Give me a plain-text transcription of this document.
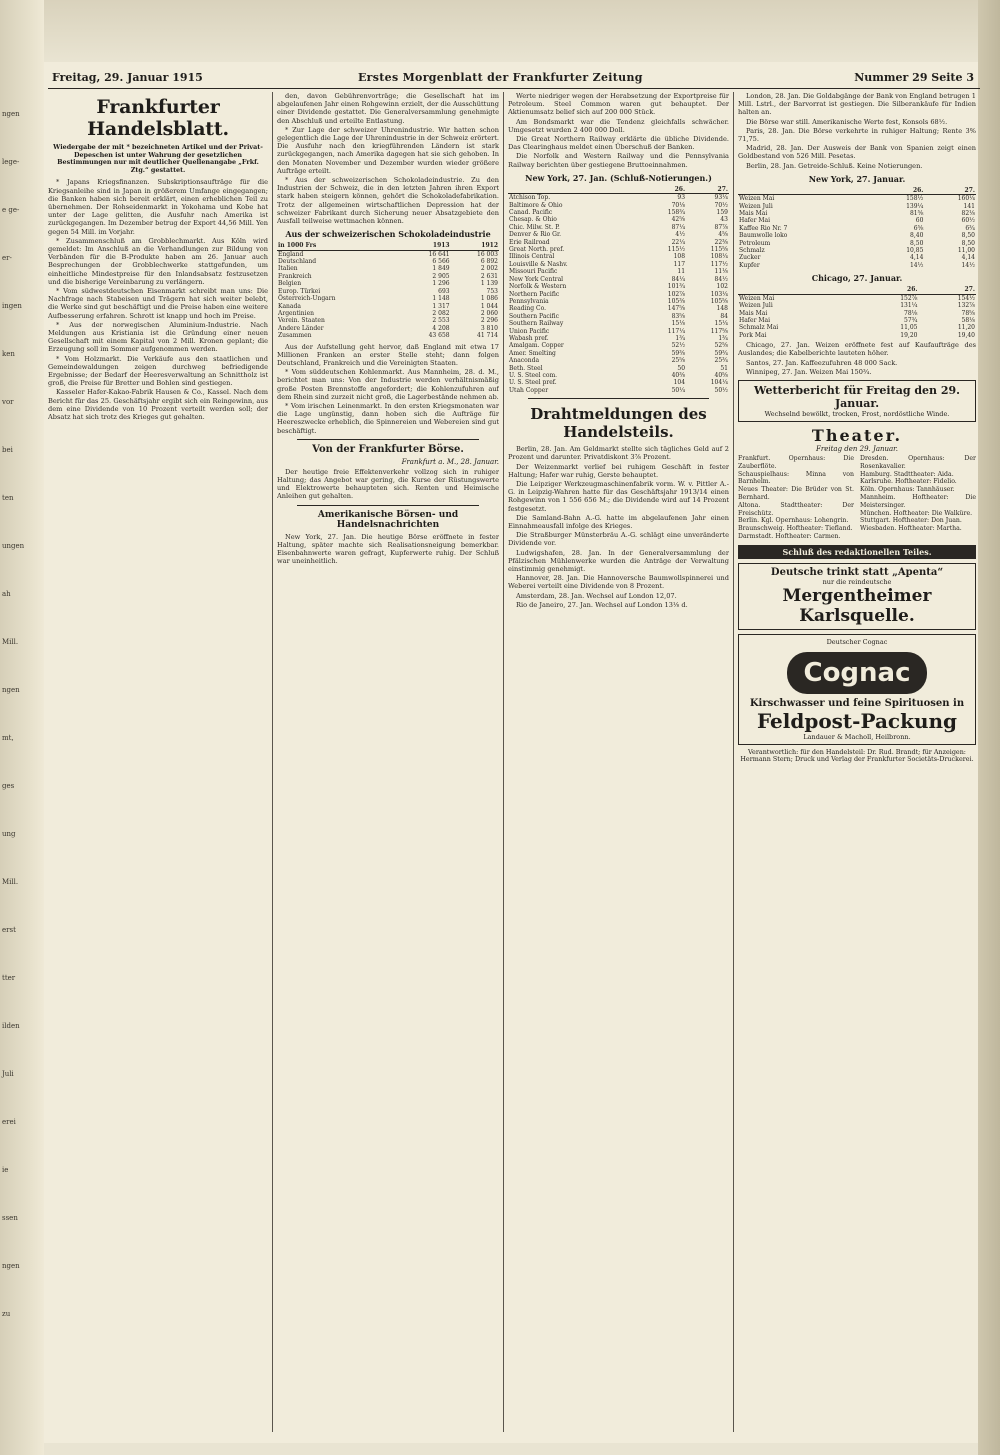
ngen
lege-
e ge-
er-
ingen
ken
vor
bei
ten
ungen
ah
Mill.
ngen
mt,
ges
ung
Mill.
erst
tter
ilden
Juli
erei
ie
ssen
ngen
zu
Freitag, 29. Januar 1915	Erstes Morgenblatt der Frankfurter Zeitung	Nummer 29 Seite 3
Frankfurter Handelsblatt.
Wiedergabe der mit * bezeichneten Artikel und der Privat-Depeschen ist unter Wahrung der gesetzlichen Bestimmungen nur mit deutlicher Quellenangabe „Frkf. Ztg.“ gestattet.

* Japans Kriegsfinanzen. Subskriptionsaufträge für die Kriegsanleihe sind in Japan in größerem Umfange eingegangen; die Banken haben sich bereit erklärt, einen erheblichen Teil zu übernehmen. Der Rohseidenmarkt in Yokohama und Kobe hat unter der Lage gelitten, die Ausfuhr nach Amerika ist zurückgegangen. Im Dezember betrug der Export 44,56 Mill. Yen gegen 54 Mill. im Vorjahr.

* Zusammenschluß am Grobblechmarkt. Aus Köln wird gemeldet: Im Anschluß an die Verhandlungen zur Bildung von Verbänden für die B-Produkte haben am 26. Januar auch Besprechungen der Grobblechwerke stattgefunden, um einheitliche Mindestpreise für den Inlandsabsatz festzusetzen und die bisherige Vereinbarung zu verlängern.

* Vom südwestdeutschen Eisenmarkt schreibt man uns: Die Nachfrage nach Stabeisen und Trägern hat sich weiter belebt, die Werke sind gut beschäftigt und die Preise haben eine weitere Aufbesserung erfahren. Schrott ist knapp und hoch im Preise.

* Aus der norwegischen Aluminium-Industrie. Nach Meldungen aus Kristiania ist die Gründung einer neuen Gesellschaft mit einem Kapital von 2 Mill. Kronen geplant; die Erzeugung soll im Sommer aufgenommen werden.

* Vom Holzmarkt. Die Verkäufe aus den staatlichen und Gemeindewaldungen zeigen durchweg befriedigende Ergebnisse; der Bedarf der Heeresverwaltung an Schnittholz ist groß, die Preise für Bretter und Bohlen sind gestiegen.

Kasseler Hafer-Kakao-Fabrik Hausen & Co., Kassel. Nach dem Bericht für das 25. Geschäftsjahr ergibt sich ein Reingewinn, aus dem eine Dividende von 10 Prozent verteilt werden soll; der Absatz hat sich trotz des Krieges gut gehalten.

den, davon Gebührenvorträge; die Gesellschaft hat im abgelaufenen Jahr einen Rohgewinn erzielt, der die Ausschüttung einer Dividende gestattet. Die Generalversammlung genehmigte den Abschluß und erteilte Entlastung.

* Zur Lage der schweizer Uhrenindustrie. Wir hatten schon gelegentlich die Lage der Uhrenindustrie in der Schweiz erörtert. Die Ausfuhr nach den kriegführenden Ländern ist stark zurückgegangen, nach Amerika dagegen hat sie sich gehoben. In den Monaten November und Dezember wurden wieder größere Aufträge erteilt.

* Aus der schweizerischen Schokoladeindustrie. Zu den Industrien der Schweiz, die in den letzten Jahren ihren Export stark haben steigern können, gehört die Schokoladefabrikation. Trotz der allgemeinen wirtschaftlichen Depression hat der schweizer Fabrikant durch Sicherung neuer Absatzgebiete den Ausfall teilweise wettmachen können.

Aus der schweizerischen Schokoladeindustrie
in 1000 Frs	1913	1912
England	16 641	16 003
Deutschland	6 566	6 892
Italien	1 849	2 002
Frankreich	2 905	2 631
Belgien	1 296	1 139
Europ. Türkei	693	753
Österreich-Ungarn	1 148	1 086
Kanada	1 317	1 044
Argentinien	2 082	2 060
Verein. Staaten	2 553	2 296
Andere Länder	4 208	3 810
Zusammen	43 658	41 714

Aus der Aufstellung geht hervor, daß England mit etwa 17 Millionen Franken an erster Stelle steht; dann folgen Deutschland, Frankreich und die Vereinigten Staaten.

* Vom süddeutschen Kohlenmarkt. Aus Mannheim, 28. d. M., berichtet man uns: Von der Industrie werden verhältnismäßig große Posten Brennstoffe angefordert; die Kohlenzufuhren auf dem Rhein sind zurzeit nicht groß, die Lagerbestände nehmen ab.

* Vom irischen Leinenmarkt. In den ersten Kriegsmonaten war die Lage ungünstig, dann hoben sich die Aufträge für Heereszwecke erheblich, die Spinnereien und Webereien sind gut beschäftigt.

Von der Frankfurter Börse.
Frankfurt a. M., 28. Januar.

Der heutige freie Effektenverkehr vollzog sich in ruhiger Haltung; das Angebot war gering, die Kurse der Rüstungswerte und Elektrowerte behaupteten sich. Renten und Heimische Anleihen gut gehalten.

Amerikanische Börsen- und Handelsnachrichten

New York, 27. Jan. Die heutige Börse eröffnete in fester Haltung, später machte sich Realisationsneigung bemerkbar. Eisenbahnwerte waren gefragt, Kupferwerte ruhig. Der Schluß war uneinheitlich.

Werte niedriger wegen der Herabsetzung der Exportpreise für Petroleum. Steel Common waren gut behauptet. Der Aktienumsatz belief sich auf 200 000 Stück.

Am Bondsmarkt war die Tendenz gleichfalls schwächer. Umgesetzt wurden 2 400 000 Doll.

Die Great Northern Railway erklärte die übliche Dividende. Das Clearinghaus meldet einen Überschuß der Banken.

Die Norfolk and Western Railway und die Pennsylvania Railway berichten über gestiegene Bruttoeinnahmen.

New York, 27. Jan. (Schluß-Notierungen.)
	26.	27.
Atchison Top.	93	93¼
Baltimore & Ohio	70⅛	70½
Canad. Pacific	158¾	159
Chesap. & Ohio	42⅝	43
Chic. Milw. St. P.	87¼	87⅞
Denver & Rio Gr.	4½	4⅝
Erie Railroad	22¼	22⅜
Great North. pref.	115½	115⅝
Illinois Central	108	108¼
Louisville & Nashv.	117	117½
Missouri Pacific	11	11⅛
New York Central	84¼	84½
Norfolk & Western	101¾	102
Northern Pacific	102⅞	103¼
Pennsylvania	105⅜	105⅝
Reading Co.	147⅝	148
Southern Pacific	83⅝	84
Southern Railway	15⅛	15¼
Union Pacific	117¼	117⅝
Wabash pref.	1¾	1¾
Amalgam. Copper	52½	52⅝
Amer. Smelting	59⅜	59¾
Anaconda	25⅝	25¾
Beth. Steel	50	51
U. S. Steel com.	40⅜	40⅝
U. S. Steel pref.	104	104¼
Utah Copper	50¼	50½
Drahtmeldungen des Handelsteils.

Berlin, 28. Jan. Am Geldmarkt stellte sich tägliches Geld auf 2 Prozent und darunter. Privatdiskont 3⅞ Prozent.

Der Weizenmarkt verlief bei ruhigem Geschäft in fester Haltung; Hafer war ruhig, Gerste behauptet.

Die Leipziger Werkzeugmaschinenfabrik vorm. W. v. Pittler A.-G. in Leipzig-Wahren hatte für das Geschäftsjahr 1913/14 einen Rohgewinn von 1 556 656 M.; die Dividende wird auf 14 Prozent festgesetzt.

Die Samland-Bahn A.-G. hatte im abgelaufenen Jahr einen Einnahmeausfall infolge des Krieges.

Die Straßburger Münsterbräu A.-G. schlägt eine unveränderte Dividende vor.

Ludwigshafen, 28. Jan. In der Generalversammlung der Pfälzischen Mühlenwerke wurden die Anträge der Verwaltung einstimmig genehmigt.

Hannover, 28. Jan. Die Hannoversche Baumwollspinnerei und Weberei verteilt eine Dividende von 8 Prozent.

Amsterdam, 28. Jan. Wechsel auf London 12,07.

Rio de Janeiro, 27. Jan. Wechsel auf London 13⅛ d.

London, 28. Jan. Die Goldabgänge der Bank von England betrugen 1 Mill. Lstrl., der Barvorrat ist gestiegen. Die Silberankäufe für Indien halten an.

Die Börse war still. Amerikanische Werte fest, Konsols 68½.

Paris, 28. Jan. Die Börse verkehrte in ruhiger Haltung; Rente 3% 71,75.

Madrid, 28. Jan. Der Ausweis der Bank von Spanien zeigt einen Goldbestand von 526 Mill. Pesetas.

Berlin, 28. Jan. Getreide-Schluß. Keine Notierungen.

New York, 27. Januar.
	26.	27.
Weizen Mai	158½	160¼
Weizen Juli	139¼	141
Mais Mai	81⅝	82⅛
Hafer Mai	60	60½
Kaffee Rio Nr. 7	6⅝	6¾
Baumwolle loko	8,40	8,50
Petroleum	8,50	8,50
Schmalz	10,85	11,00
Zucker	4,14	4,14
Kupfer	14½	14½
Chicago, 27. Januar.
	26.	27.
Weizen Mai	152⅞	154½
Weizen Juli	131¼	132⅞
Mais Mai	78⅛	78⅝
Hafer Mai	57¾	58⅛
Schmalz Mai	11,05	11,20
Pork Mai	19,20	19,40

Chicago, 27. Jan. Weizen eröffnete fest auf Kaufaufträge des Auslandes; die Kabelberichte lauteten höher.

Santos, 27. Jan. Kaffeezufuhren 48 000 Sack.

Winnipeg, 27. Jan. Weizen Mai 150¾.

Wetterbericht für Freitag den 29. Januar.
Wechselnd bewölkt, trocken, Frost, nordöstliche Winde.
Theater.
Freitag den 29. Januar.
Frankfurt. Opernhaus: Die Zauberflöte.
Schauspielhaus: Minna von Barnhelm.
Neues Theater: Die Brüder von St. Bernhard.
Altona. Stadttheater: Der Freischütz.
Berlin. Kgl. Opernhaus: Lohengrin.
Braunschweig. Hoftheater: Tiefland.
Darmstadt. Hoftheater: Carmen.
Dresden. Opernhaus: Der Rosenkavalier.
Hamburg. Stadttheater: Aida.
Karlsruhe. Hoftheater: Fidelio.
Köln. Opernhaus: Tannhäuser.
Mannheim. Hoftheater: Die Meistersinger.
München. Hoftheater: Die Walküre.
Stuttgart. Hoftheater: Don Juan.
Wiesbaden. Hoftheater: Martha.
Schluß des redaktionellen Teiles.
Deutsche trinkt statt „Apenta“
nur die reindeutsche
Mergentheimer Karlsquelle.
Deutscher Cognac
Cognac
Kirschwasser und feine Spirituosen in
Feldpost-Packung
Landauer & Macholl, Heilbronn.
Verantwortlich: für den Handelsteil: Dr. Rud. Brandt; für Anzeigen: Hermann Stern; Druck und Verlag der Frankfurter Societäts-Druckerei.
